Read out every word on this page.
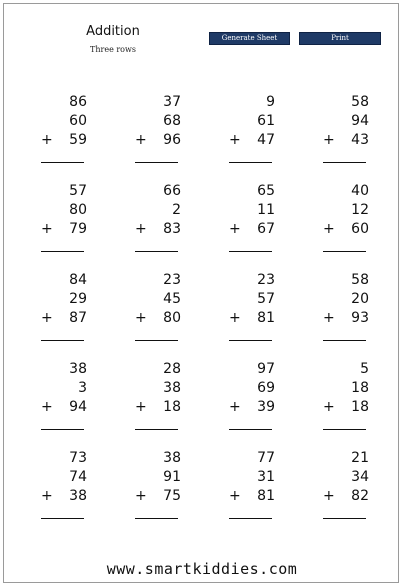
Addition
Three rows
Generate Sheet	Print
86
60
59
+
37
68
96
+
9
61
47
+
58
94
43
+
57
80
79
+
66
2
83
+
65
11
67
+
40
12
60
+
84
29
87
+
23
45
80
+
23
57
81
+
58
20
93
+
38
3
94
+
28
38
18
+
97
69
39
+
5
18
18
+
73
74
38
+
38
91
75
+
77
31
81
+
21
34
82
+
www.smartkiddies.com
